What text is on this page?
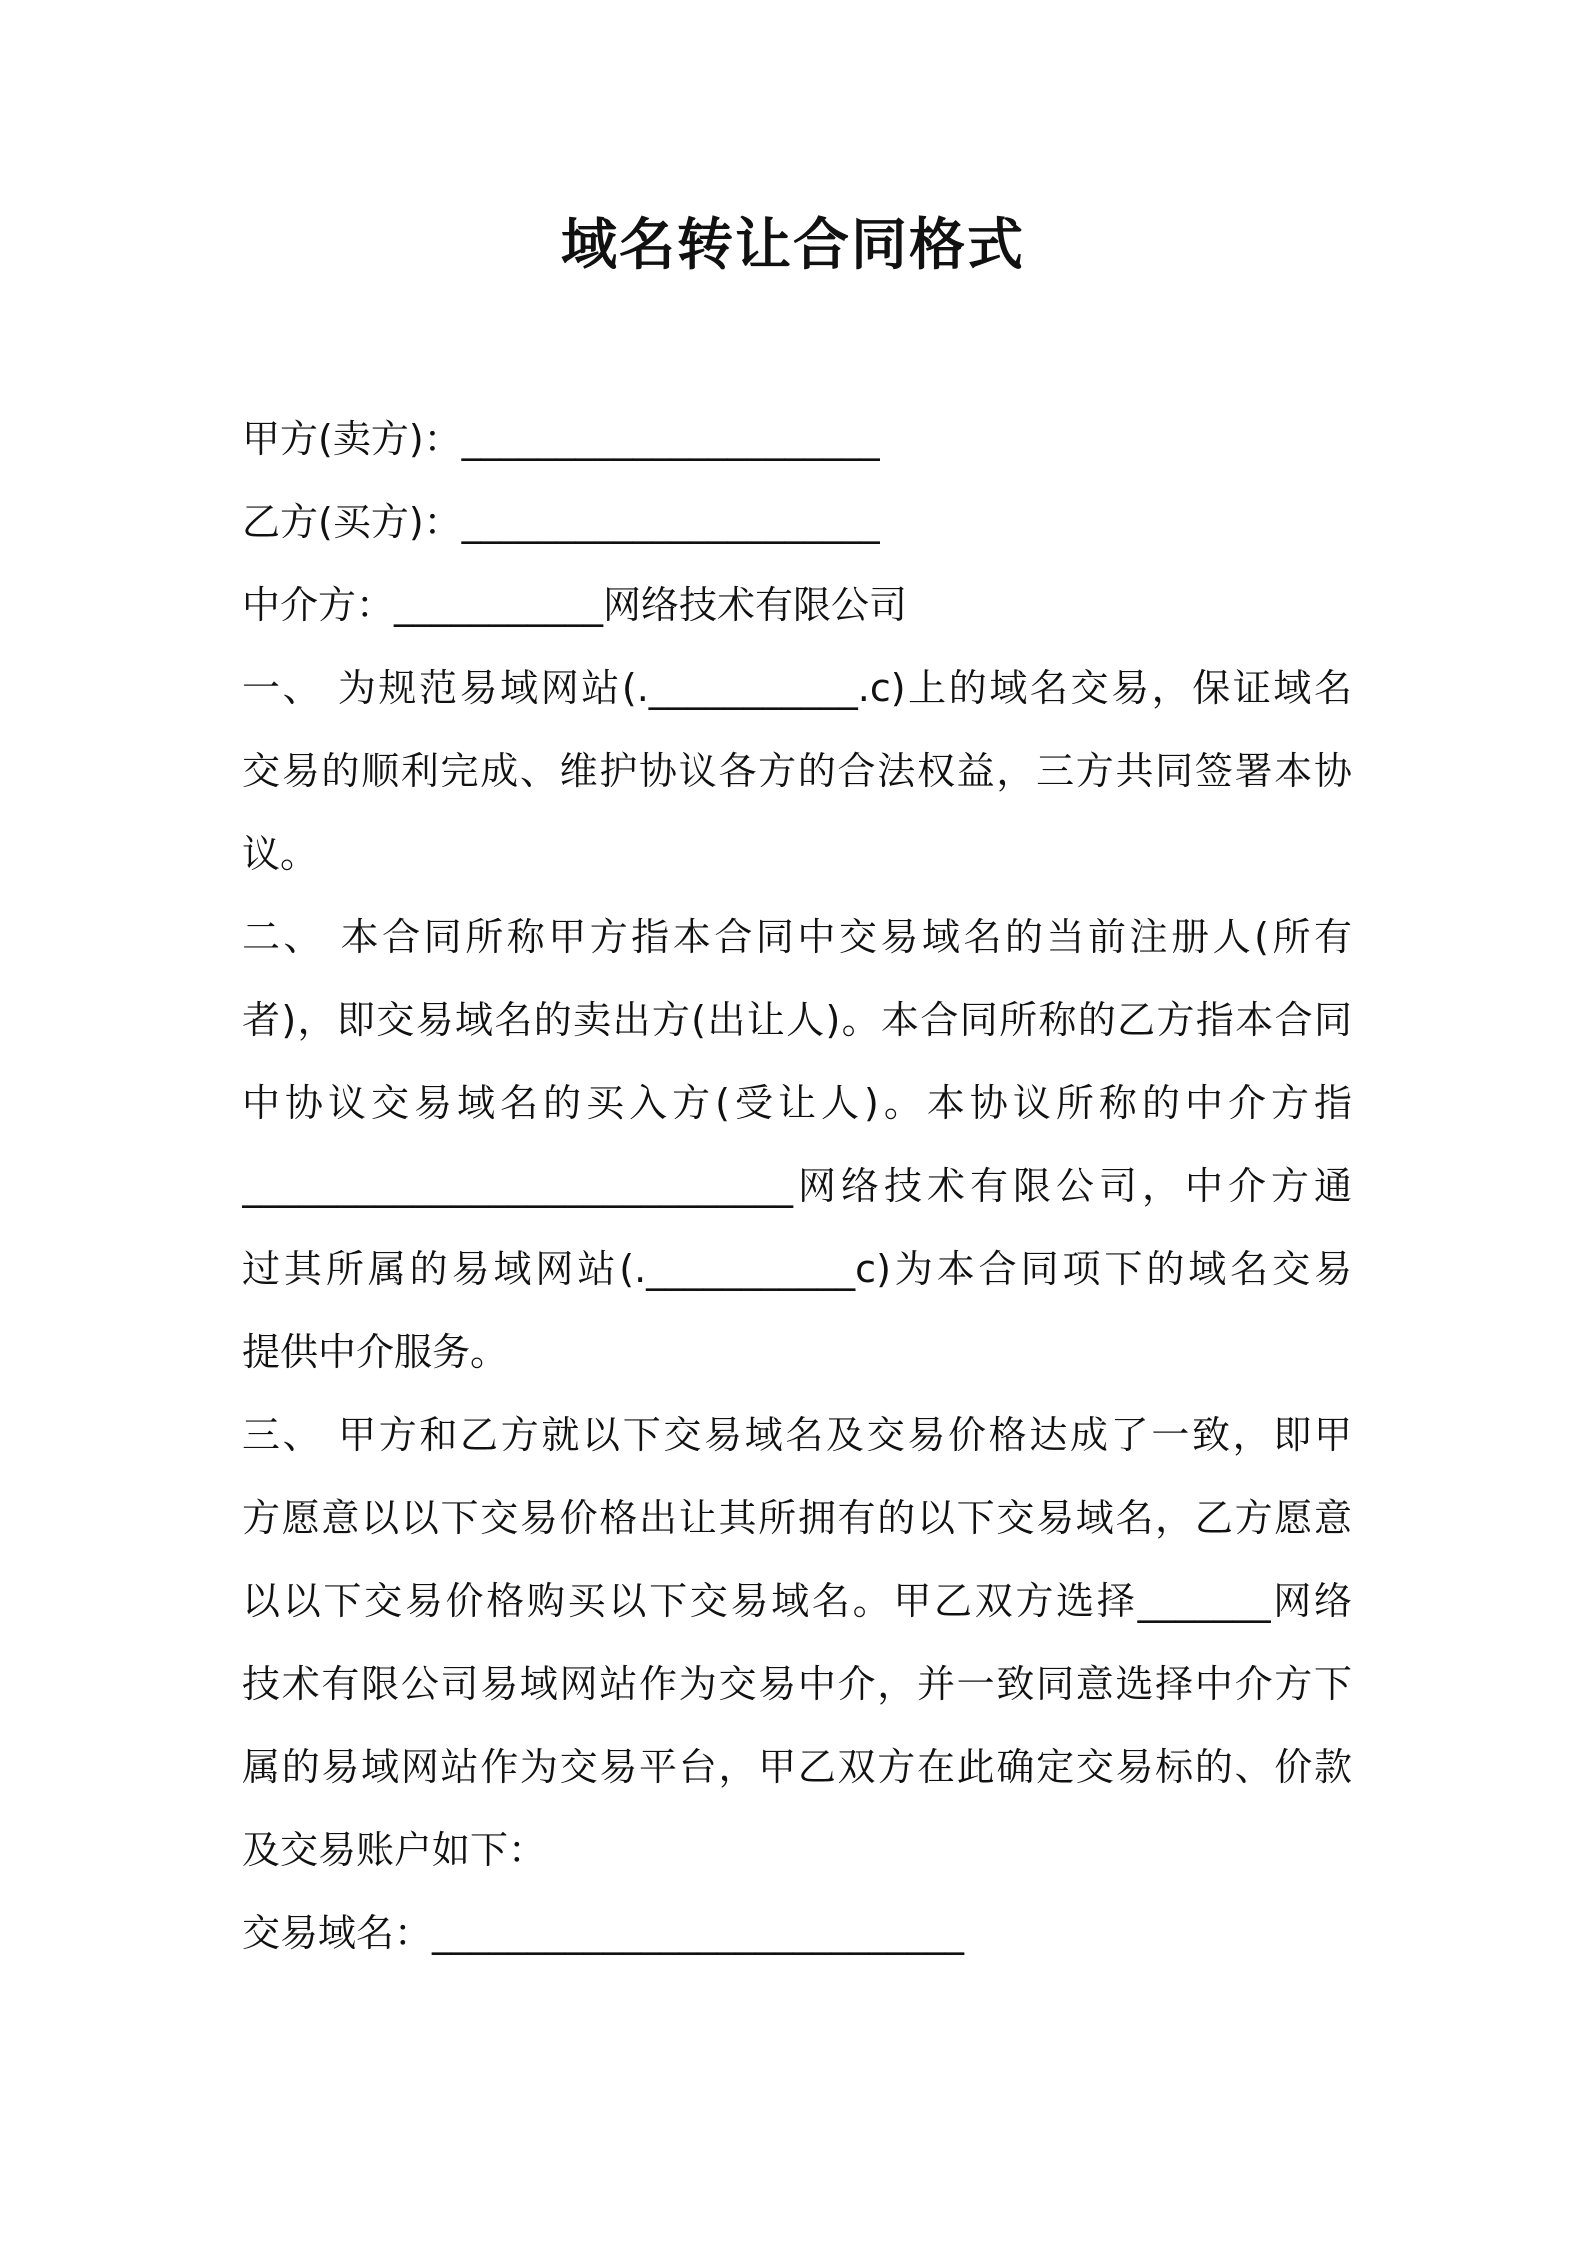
域名转让合同格式
甲方(卖方)：______________________
乙方(买方)：______________________
中介方：___________网络技术有限公司
一、 为规范易域网站(.___________.c)上的域名交易，保证域名
交易的顺利完成、维护协议各方的合法权益，三方共同签署本协
议。
二、 本合同所称甲方指本合同中交易域名的当前注册人(所有
者)，即交易域名的卖出方(出让人)。本合同所称的乙方指本合同
中协议交易域名的买入方(受让人)。本协议所称的中介方指
_____________________________网络技术有限公司，中介方通
过其所属的易域网站(.___________c)为本合同项下的域名交易
提供中介服务。
三、 甲方和乙方就以下交易域名及交易价格达成了一致，即甲
方愿意以以下交易价格出让其所拥有的以下交易域名，乙方愿意
以以下交易价格购买以下交易域名。甲乙双方选择_______网络
技术有限公司易域网站作为交易中介，并一致同意选择中介方下
属的易域网站作为交易平台，甲乙双方在此确定交易标的、价款
及交易账户如下：
交易域名：____________________________
